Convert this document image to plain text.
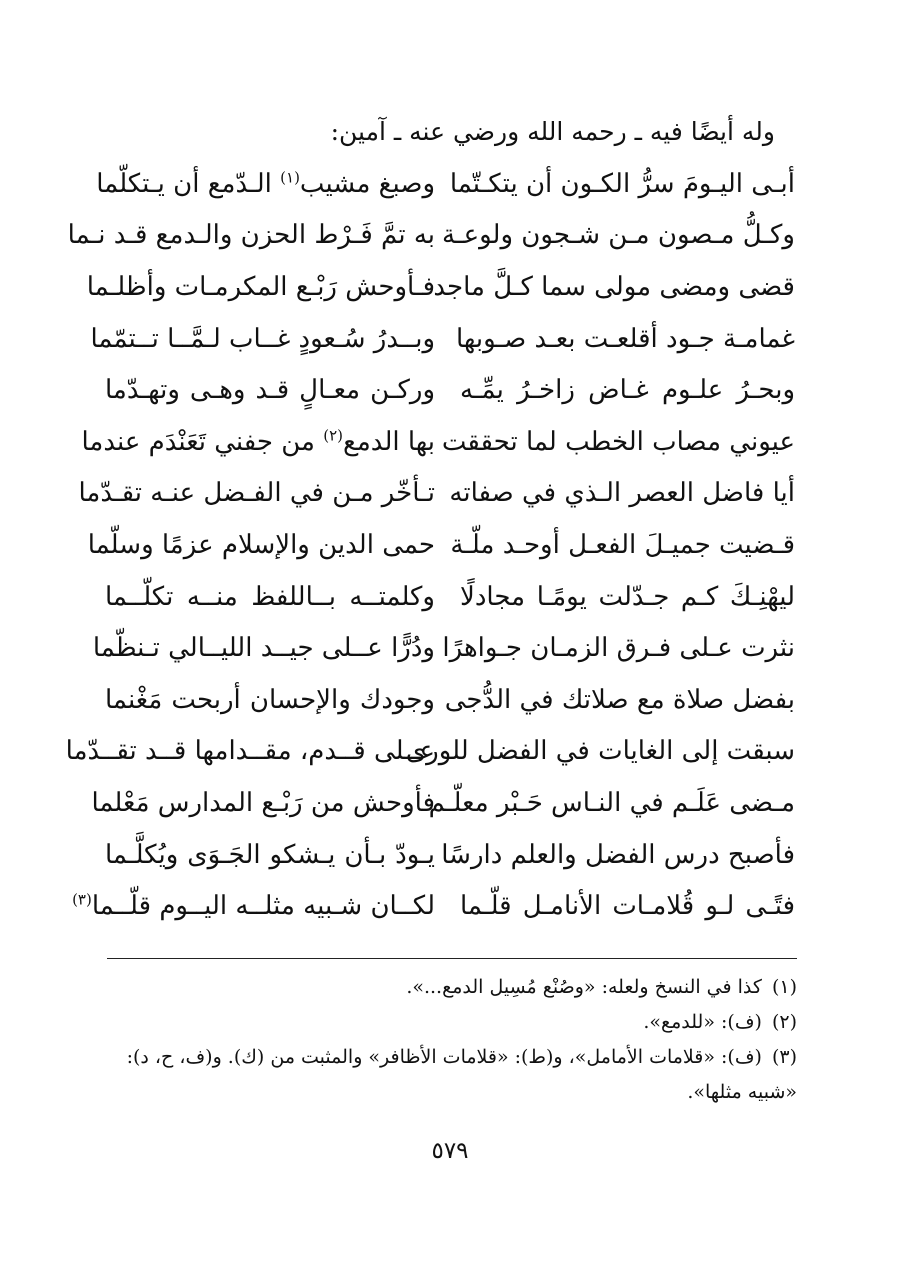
وله أيضًا فيه ـ رحمه الله ورضي عنه ـ آمين:
أبـى اليـومَ سرُّ الكـون أن يتكـتّما
وصبغ مشيب$^{(١)}$ الـدّمع أن يـتكلّما
وكـلُّ مـصون مـن شـجون ولوعـة
به تمَّ فَـرْط الحزن والـدمع قـد نـما
قضى ومضى مولى سما كـلَّ ماجد
فـأوحش رَبْـع المكرمـات وأظلـما
غمامـة جـود أقلعـت بعـد صـوبها
وبــدرُ سُـعودٍ غــاب لـمَّــا تــتمّما
وبحـرُ علـوم غـاض زاخـرُ يمِّـه
وركـن معـالٍ قـد وهـى وتهـدّما
عيوني مصاب الخطب لما تحققت
بها الدمع$^{(٢)}$ من جفني تَعَنْدَم عندما
أيا فاضل العصر الـذي في صفاته
تـأخّر مـن في الفـضل عنـه تقـدّما
قـضيت جميـلَ الفعـل أوحـد ملّـة
حمى الدين والإسلام عزمًا وسلّما
ليهْنِـكَ كـم جـدّلت يومًـا مجادلًا
وكلمتــه بــاللفظ منــه تكلّــما
نثرت عـلى فـرق الزمـان جـواهرًا
ودُرًّا عــلى جيــد الليــالي تـنظّما
بفضل صلاة مع صلاتك في الدُّجى
وجودك والإحسان أربحت مَغْنما
سبقت إلى الغايات في الفضل للورى
عــلى قــدم، مقــدامها قــد تقــدّما
مـضى عَلَـم في النـاس حَـبْر معلّـم
فأوحش من رَبْـع المدارس مَعْلما
فأصبح درس الفضل والعلم دارسًا
يـودّ بـأن يـشكو الجَـوَى ويُكلَّـما
فتًـى لـو قُلامـات الأنامـل قلّـما
لكــان شـبيه مثلــه اليــوم قلّــما$^{(٣)}$
(١)كذا في النسخ ولعله: «وصُنْع مُسِيل الدمع...».
(٢)(ف): «للدمع».
(٣)(ف): «قلامات الأمامل»، و(ط): «قلامات الأظافر» والمثبت من (ك). و(ف، ح، د): «شبيه مثلها».
٥٧٩
